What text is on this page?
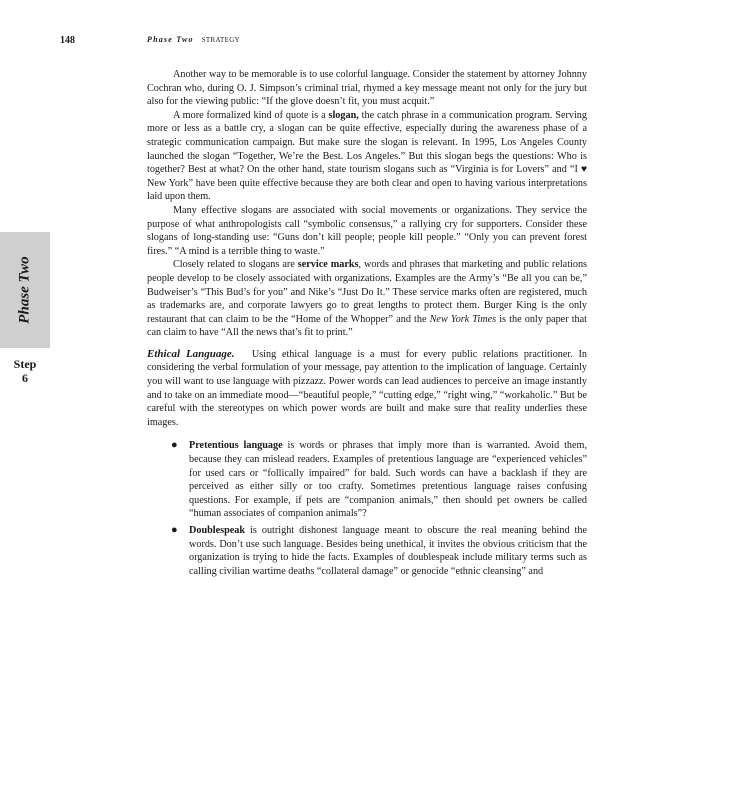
148	Phase Two STRATEGY
Phase Two
Step
6

Another way to be memorable is to use colorful language. Consider the statement by attorney Johnny Cochran who, during O. J. Simpson’s criminal trial, rhymed a key message meant not only for the jury but also for the viewing public: “If the glove doesn’t fit, you must acquit.”

A more formalized kind of quote is a slogan, the catch phrase in a communication program. Serving more or less as a battle cry, a slogan can be quite effective, especially during the awareness phase of a strategic communication campaign. But make sure the slogan is relevant. In 1995, Los Angeles County launched the slogan “Together, We’re the Best. Los Angeles.” But this slogan begs the questions: Who is together? Best at what? On the other hand, state tourism slogans such as “Virginia is for Lovers” and “I ♥ New York” have been quite effective because they are both clear and open to having various interpretations laid upon them.

Many effective slogans are associated with social movements or organizations. They service the purpose of what anthropologists call “symbolic consensus,” a rallying cry for supporters. Consider these slogans of long-standing use: “Guns don’t kill people; people kill people.” “Only you can prevent forest fires.” “A mind is a terrible thing to waste.”

Closely related to slogans are service marks, words and phrases that marketing and public relations people develop to be closely associated with organizations. Examples are the Army’s “Be all you can be,” Budweiser’s “This Bud’s for you” and Nike’s “Just Do It.” These service marks often are registered, much as trademarks are, and corporate lawyers go to great lengths to protect them. Burger King is the only restaurant that can claim to be the “Home of the Whopper” and the New York Times is the only paper that can claim to have “All the news that’s fit to print.”

Ethical Language. Using ethical language is a must for every public relations practitioner. In considering the verbal formulation of your message, pay attention to the implication of language. Certainly you will want to use language with pizzazz. Power words can lead audiences to perceive an image instantly and to take on an immediate mood—“beautiful people,” “cutting edge,” “right wing,” “workaholic.” But be careful with the stereotypes on which power words are built and make sure that reality underlies these images.

● Pretentious language is words or phrases that imply more than is warranted. Avoid them, because they can mislead readers. Examples of pretentious language are “experienced vehicles” for used cars or “follically impaired” for bald. Such words can have a backlash if they are perceived as either silly or too crafty. Sometimes pretentious language raises confusing questions. For example, if pets are “companion animals,” then should pet owners be called “human associates of companion animals”?
● Doublespeak is outright dishonest language meant to obscure the real meaning behind the words. Don’t use such language. Besides being unethical, it invites the obvious criticism that the organization is trying to hide the facts. Examples of doublespeak include military terms such as calling civilian wartime deaths “collateral damage” or genocide “ethnic cleansing” and
